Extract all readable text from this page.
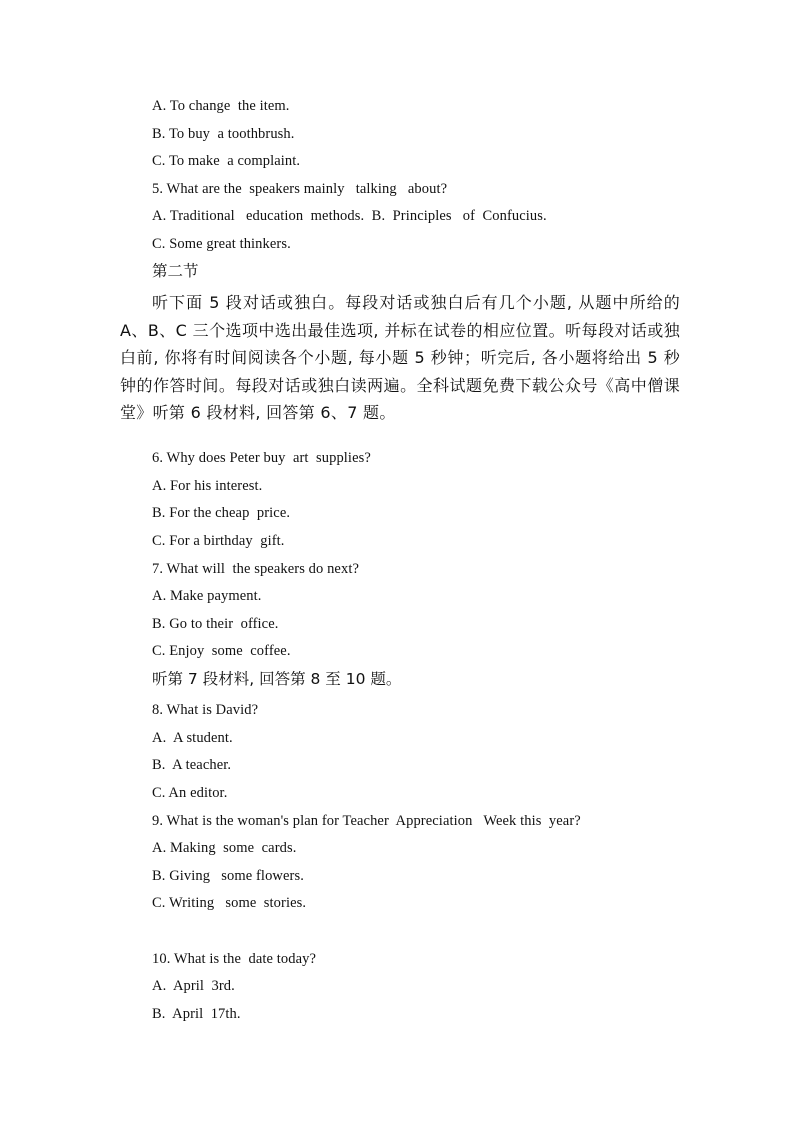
A. To change  the item.
B. To buy  a toothbrush.
C. To make  a complaint.
5. What are the  speakers mainly   talking   about?
A. Traditional   education  methods.  B.  Principles   of  Confucius.
C. Some great thinkers.
第二节
听下面 5 段对话或独白。每段对话或独白后有几个小题, 从题中所给的 A、B、C 三个选项中选出最佳选项, 并标在试卷的相应位置。听每段对话或独白前, 你将有时间阅读各个小题, 每小题 5 秒钟；听完后, 各小题将给出 5 秒钟的作答时间。每段对话或独白读两遍。全科试题免费下载公众号《高中僧课堂》听第 6 段材料, 回答第 6、7 题。
6. Why does Peter buy  art  supplies?
A. For his interest.
B. For the cheap  price.
C. For a birthday  gift.
7. What will  the speakers do next?
A. Make payment.
B. Go to their  office.
C. Enjoy  some  coffee.
听第 7 段材料, 回答第 8 至 10 题。
8. What is David?
A.  A student.
B.  A teacher.
C. An editor.
9. What is the woman's plan for Teacher  Appreciation   Week this  year?
A. Making  some  cards.
B. Giving   some flowers.
C. Writing   some  stories.
10. What is the  date today?
A.  April  3rd.
B.  April  17th.
